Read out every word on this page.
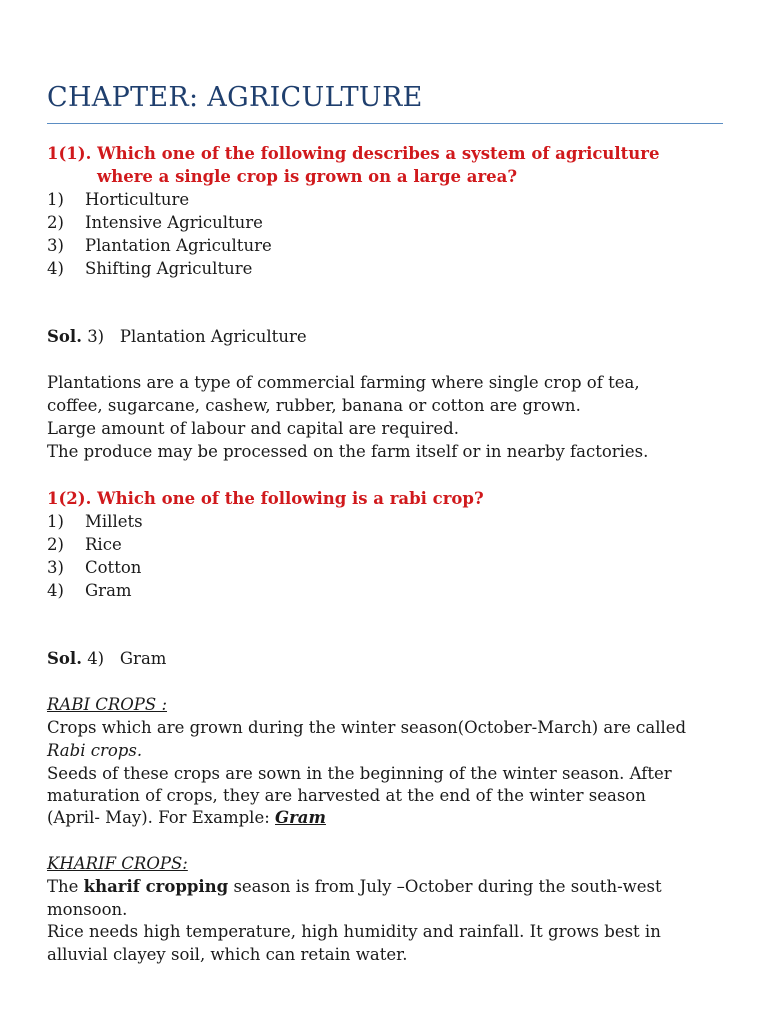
CHAPTER: AGRICULTURE
1(1). Which one of the following describes a system of agriculture
where a single crop is grown on a large area?
1) Horticulture
2) Intensive Agriculture
3) Plantation Agriculture
4) Shifting Agriculture
Sol. 3) Plantation Agriculture
Plantations are a type of commercial farming where single crop of tea,
coffee, sugarcane, cashew, rubber, banana or cotton are grown.
Large amount of labour and capital are required.
The produce may be processed on the farm itself or in nearby factories.
1(2). Which one of the following is a rabi crop?
1) Millets
2) Rice
3) Cotton
4) Gram
Sol. 4) Gram
RABI CROPS :
Crops which are grown during the winter season(October-March) are called
Rabi crops.
Seeds of these crops are sown in the beginning of the winter season. After
maturation of crops, they are harvested at the end of the winter season
(April- May). For Example: Gram
KHARIF CROPS:
The kharif cropping season is from July –October during the south-west
monsoon.
Rice needs high temperature, high humidity and rainfall. It grows best in
alluvial clayey soil, which can retain water.
